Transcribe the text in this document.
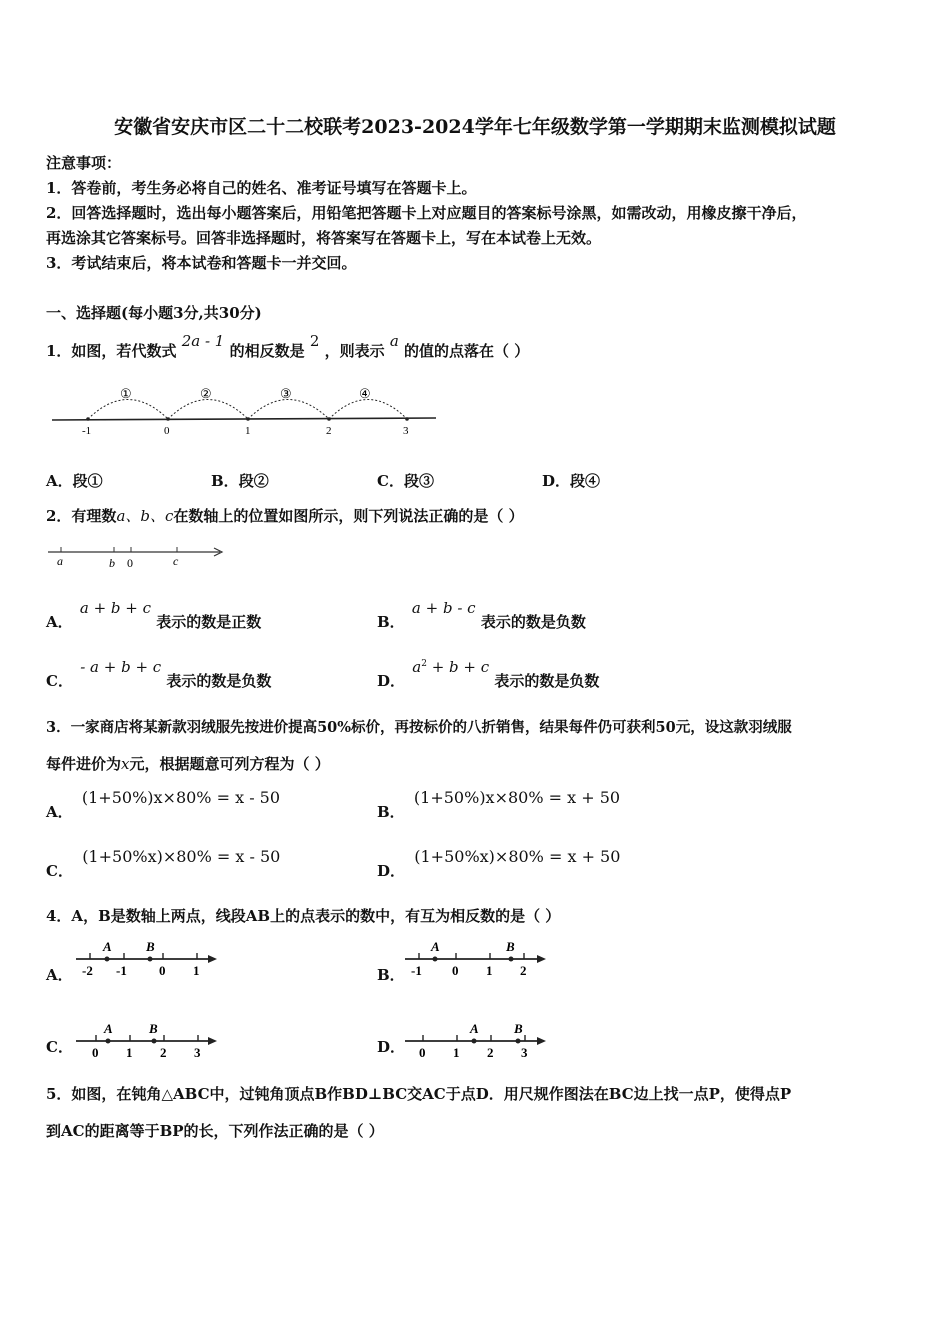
安徽省安庆市区二十二校联考2023-2024学年七年级数学第一学期期末监测模拟试题
注意事项：
1．答卷前，考生务必将自己的姓名、准考证号填写在答题卡上。
2．回答选择题时，选出每小题答案后，用铅笔把答题卡上对应题目的答案标号涂黑，如需改动，用橡皮擦干净后，
再选涂其它答案标号。回答非选择题时，将答案写在答题卡上，写在本试卷上无效。
3．考试结束后，将本试卷和答题卡一并交回。
一、选择题(每小题3分,共30分)
1．如图，若代数式 2a - 1 的相反数是 2 ，则表示 a 的值的点落在（ ）
-1	0	1	2	3
①	②	③	④
A．段①	B．段②	C．段③	D．段④
2．有理数a、b、c在数轴上的位置如图所示，则下列说法正确的是（ ）
a	b 0	c
A． a + b + c 表示的数是正数	B． a + b - c 表示的数是负数
C． - a + b + c 表示的数是负数	D． $a^2 + b + c$ 表示的数是负数
3．一家商店将某新款羽绒服先按进价提高50%标价，再按标价的八折销售，结果每件仍可获利50元，设这款羽绒服
每件进价为x元，根据题意可列方程为（ ）
A． (1+50%)x×80% = x - 50
B． (1+50%)x×80% = x + 50
C． (1+50%x)×80% = x - 50
D． (1+50%x)×80% = x + 50
4．A，B是数轴上两点，线段AB上的点表示的数中，有互为相反数的是（ ）
A．
A	B
-2 -1 0 1	B．
A	B
-1 0 1 2
C．
A	B
0 1 2 3	D．
A	B
0 1 2 3
5．如图，在钝角△ABC中，过钝角顶点B作BD⊥BC交AC于点D．用尺规作图法在BC边上找一点P，使得点P
到AC的距离等于BP的长，下列作法正确的是（ ）
